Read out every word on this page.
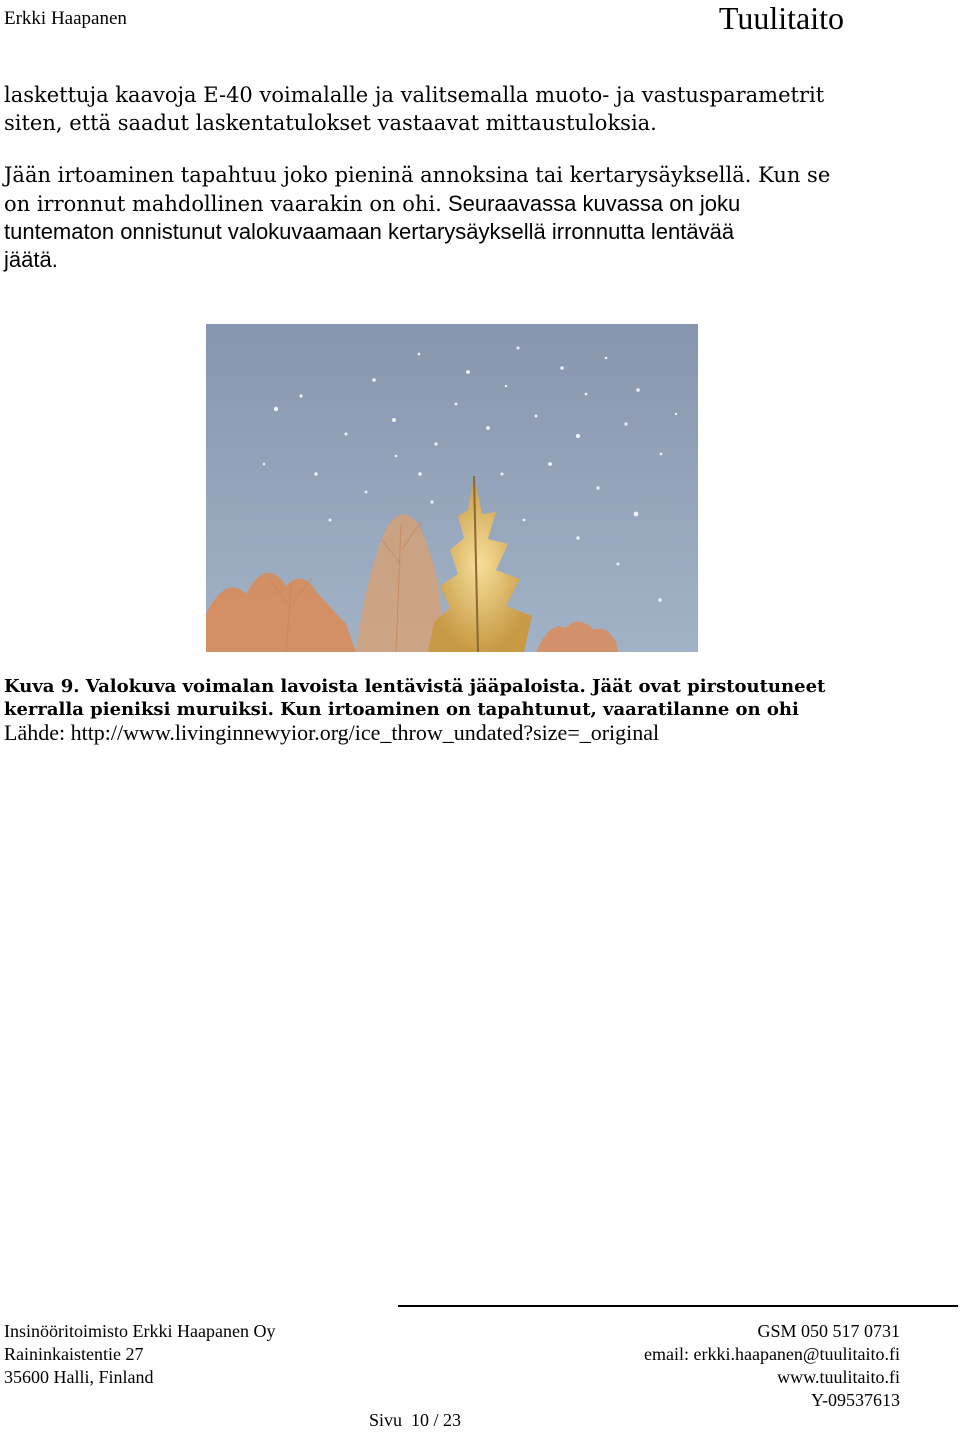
Erkki Haapanen	Tuulitaito
laskettuja kaavoja E-40 voimalalle ja valitsemalla muoto- ja vastusparametrit
siten, että saadut laskentatulokset vastaavat mittaustuloksia.
Jään irtoaminen tapahtuu joko pieninä annoksina tai kertarysäyksellä. Kun se
on irronnut mahdollinen vaarakin on ohi. Seuraavassa kuvassa on joku
tuntematon onnistunut valokuvaamaan kertarysäyksellä irronnutta lentävää
jäätä.
Kuva 9. Valokuva voimalan lavoista lentävistä jääpaloista. Jäät ovat pirstoutuneet
kerralla pieniksi muruiksi. Kun irtoaminen on tapahtunut, vaaratilanne on ohi
Lähde: http://www.livinginnewyior.org/ice_throw_undated?size=_original
Insinööritoimisto Erkki Haapanen Oy
Raininkaistentie 27
35600 Halli, Finland
GSM 050 517 0731
email: erkki.haapanen@tuulitaito.fi
www.tuulitaito.fi
Y-09537613
Sivu 10 / 23
